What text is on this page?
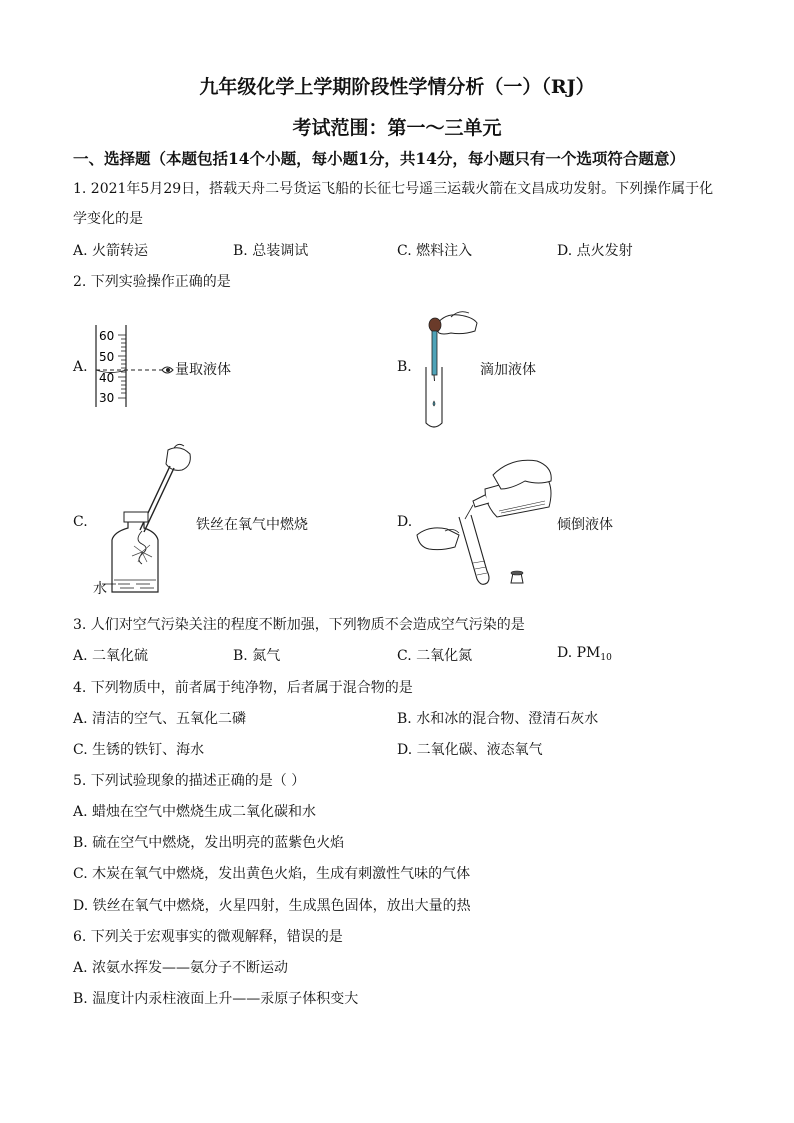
九年级化学上学期阶段性学情分析（一）（RJ）
考试范围：第一～三单元
一、选择题（本题包括14个小题，每小题1分，共14分，每小题只有一个选项符合题意）
1. 2021年5月29日，搭载天舟二号货运飞船的长征七号遥三运载火箭在文昌成功发射。下列操作属于化
学变化的是
A. 火箭转运	B. 总装调试	C. 燃料注入	D. 点火发射
2. 下列实验操作正确的是
A.
60
50
40
30
量取液体	B.	滴加液体
C.
水
铁丝在氧气中燃烧	D.	倾倒液体
3. 人们对空气污染关注的程度不断加强，下列物质不会造成空气污染的是
A. 二氧化硫	B. 氮气	C. 二氧化氮	D. $PM_{10}$
4. 下列物质中，前者属于纯净物，后者属于混合物的是
A. 清洁的空气、五氧化二磷	B. 水和冰的混合物、澄清石灰水
C. 生锈的铁钉、海水	D. 二氧化碳、液态氧气
5. 下列试验现象的描述正确的是（ ）
A. 蜡烛在空气中燃烧生成二氧化碳和水
B. 硫在空气中燃烧，发出明亮的蓝紫色火焰
C. 木炭在氧气中燃烧，发出黄色火焰，生成有刺激性气味的气体
D. 铁丝在氧气中燃烧，火星四射，生成黑色固体，放出大量的热
6. 下列关于宏观事实的微观解释，错误的是
A. 浓氨水挥发——氨分子不断运动
B. 温度计内汞柱液面上升——汞原子体积变大
